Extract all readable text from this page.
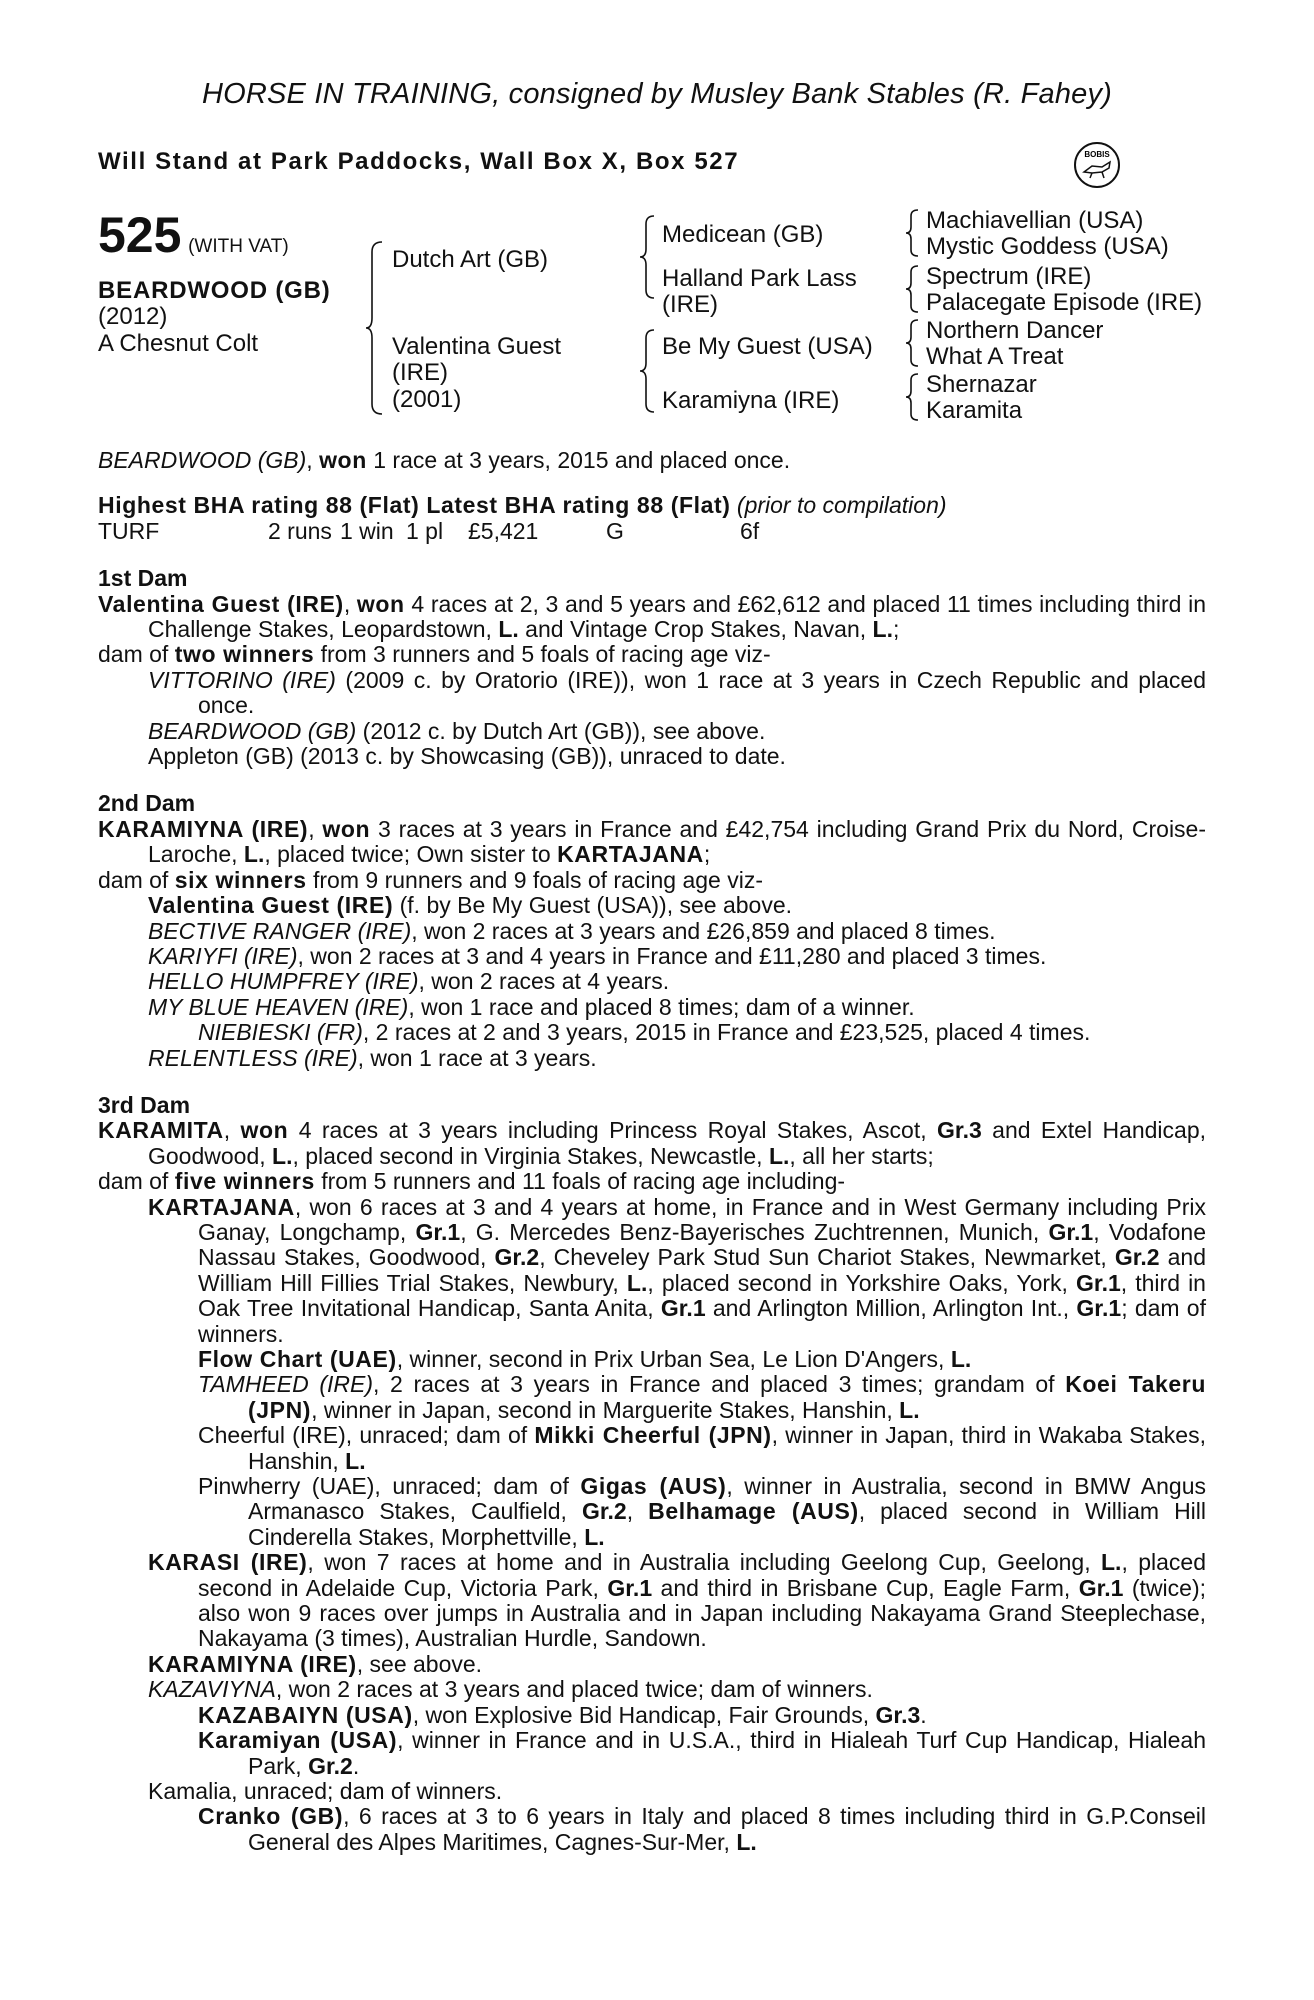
HORSE IN TRAINING, consigned by Musley Bank Stables (R. Fahey)
Will Stand at Park Paddocks, Wall Box X, Box 527	BOBIS
525 (WITH VAT)
BEARDWOOD (GB)
(2012)
A Chesnut Colt
Dutch Art (GB)
Valentina Guest
(IRE)
(2001)
Medicean (GB)
Halland Park Lass
(IRE)
Be My Guest (USA)
Karamiyna (IRE)
Machiavellian (USA)
Mystic Goddess (USA)
Spectrum (IRE)
Palacegate Episode (IRE)
Northern Dancer
What A Treat
Shernazar
Karamita

BEARDWOOD (GB), won 1 race at 3 years, 2015 and placed once.

Highest BHA rating 88 (Flat) Latest BHA rating 88 (Flat) (prior to compilation)

TURF	2 runs 1 win 1 pl £5,421	G	6f

1st Dam

Valentina Guest (IRE), won 4 races at 2, 3 and 5 years and £62,612 and placed 11 times including third in Challenge Stakes, Leopardstown, L. and Vintage Crop Stakes, Navan, L.;

dam of two winners from 3 runners and 5 foals of racing age viz-

VITTORINO (IRE) (2009 c. by Oratorio (IRE)), won 1 race at 3 years in Czech Republic and placed once.

BEARDWOOD (GB) (2012 c. by Dutch Art (GB)), see above.

Appleton (GB) (2013 c. by Showcasing (GB)), unraced to date.

2nd Dam

KARAMIYNA (IRE), won 3 races at 3 years in France and £42,754 including Grand Prix du Nord, Croise-Laroche, L., placed twice; Own sister to KARTAJANA;

dam of six winners from 9 runners and 9 foals of racing age viz-

Valentina Guest (IRE) (f. by Be My Guest (USA)), see above.

BECTIVE RANGER (IRE), won 2 races at 3 years and £26,859 and placed 8 times.

KARIYFI (IRE), won 2 races at 3 and 4 years in France and £11,280 and placed 3 times.

HELLO HUMPFREY (IRE), won 2 races at 4 years.

MY BLUE HEAVEN (IRE), won 1 race and placed 8 times; dam of a winner.

NIEBIESKI (FR), 2 races at 2 and 3 years, 2015 in France and £23,525, placed 4 times.

RELENTLESS (IRE), won 1 race at 3 years.

3rd Dam

KARAMITA, won 4 races at 3 years including Princess Royal Stakes, Ascot, Gr.3 and Extel Handicap, Goodwood, L., placed second in Virginia Stakes, Newcastle, L., all her starts;

dam of five winners from 5 runners and 11 foals of racing age including-

KARTAJANA, won 6 races at 3 and 4 years at home, in France and in West Germany including Prix Ganay, Longchamp, Gr.1, G. Mercedes Benz-Bayerisches Zuchtrennen, Munich, Gr.1, Vodafone Nassau Stakes, Goodwood, Gr.2, Cheveley Park Stud Sun Chariot Stakes, Newmarket, Gr.2 and William Hill Fillies Trial Stakes, Newbury, L., placed second in Yorkshire Oaks, York, Gr.1, third in Oak Tree Invitational Handicap, Santa Anita, Gr.1 and Arlington Million, Arlington Int., Gr.1; dam of winners.

Flow Chart (UAE), winner, second in Prix Urban Sea, Le Lion D'Angers, L.

TAMHEED (IRE), 2 races at 3 years in France and placed 3 times; grandam of Koei Takeru (JPN), winner in Japan, second in Marguerite Stakes, Hanshin, L.

Cheerful (IRE), unraced; dam of Mikki Cheerful (JPN), winner in Japan, third in Wakaba Stakes, Hanshin, L.

Pinwherry (UAE), unraced; dam of Gigas (AUS), winner in Australia, second in BMW Angus Armanasco Stakes, Caulfield, Gr.2, Belhamage (AUS), placed second in William Hill Cinderella Stakes, Morphettville, L.

KARASI (IRE), won 7 races at home and in Australia including Geelong Cup, Geelong, L., placed second in Adelaide Cup, Victoria Park, Gr.1 and third in Brisbane Cup, Eagle Farm, Gr.1 (twice); also won 9 races over jumps in Australia and in Japan including Nakayama Grand Steeplechase, Nakayama (3 times), Australian Hurdle, Sandown.

KARAMIYNA (IRE), see above.

KAZAVIYNA, won 2 races at 3 years and placed twice; dam of winners.

KAZABAIYN (USA), won Explosive Bid Handicap, Fair Grounds, Gr.3.

Karamiyan (USA), winner in France and in U.S.A., third in Hialeah Turf Cup Handicap, Hialeah Park, Gr.2.

Kamalia, unraced; dam of winners.

Cranko (GB), 6 races at 3 to 6 years in Italy and placed 8 times including third in G.P.Conseil General des Alpes Maritimes, Cagnes-Sur-Mer, L.
